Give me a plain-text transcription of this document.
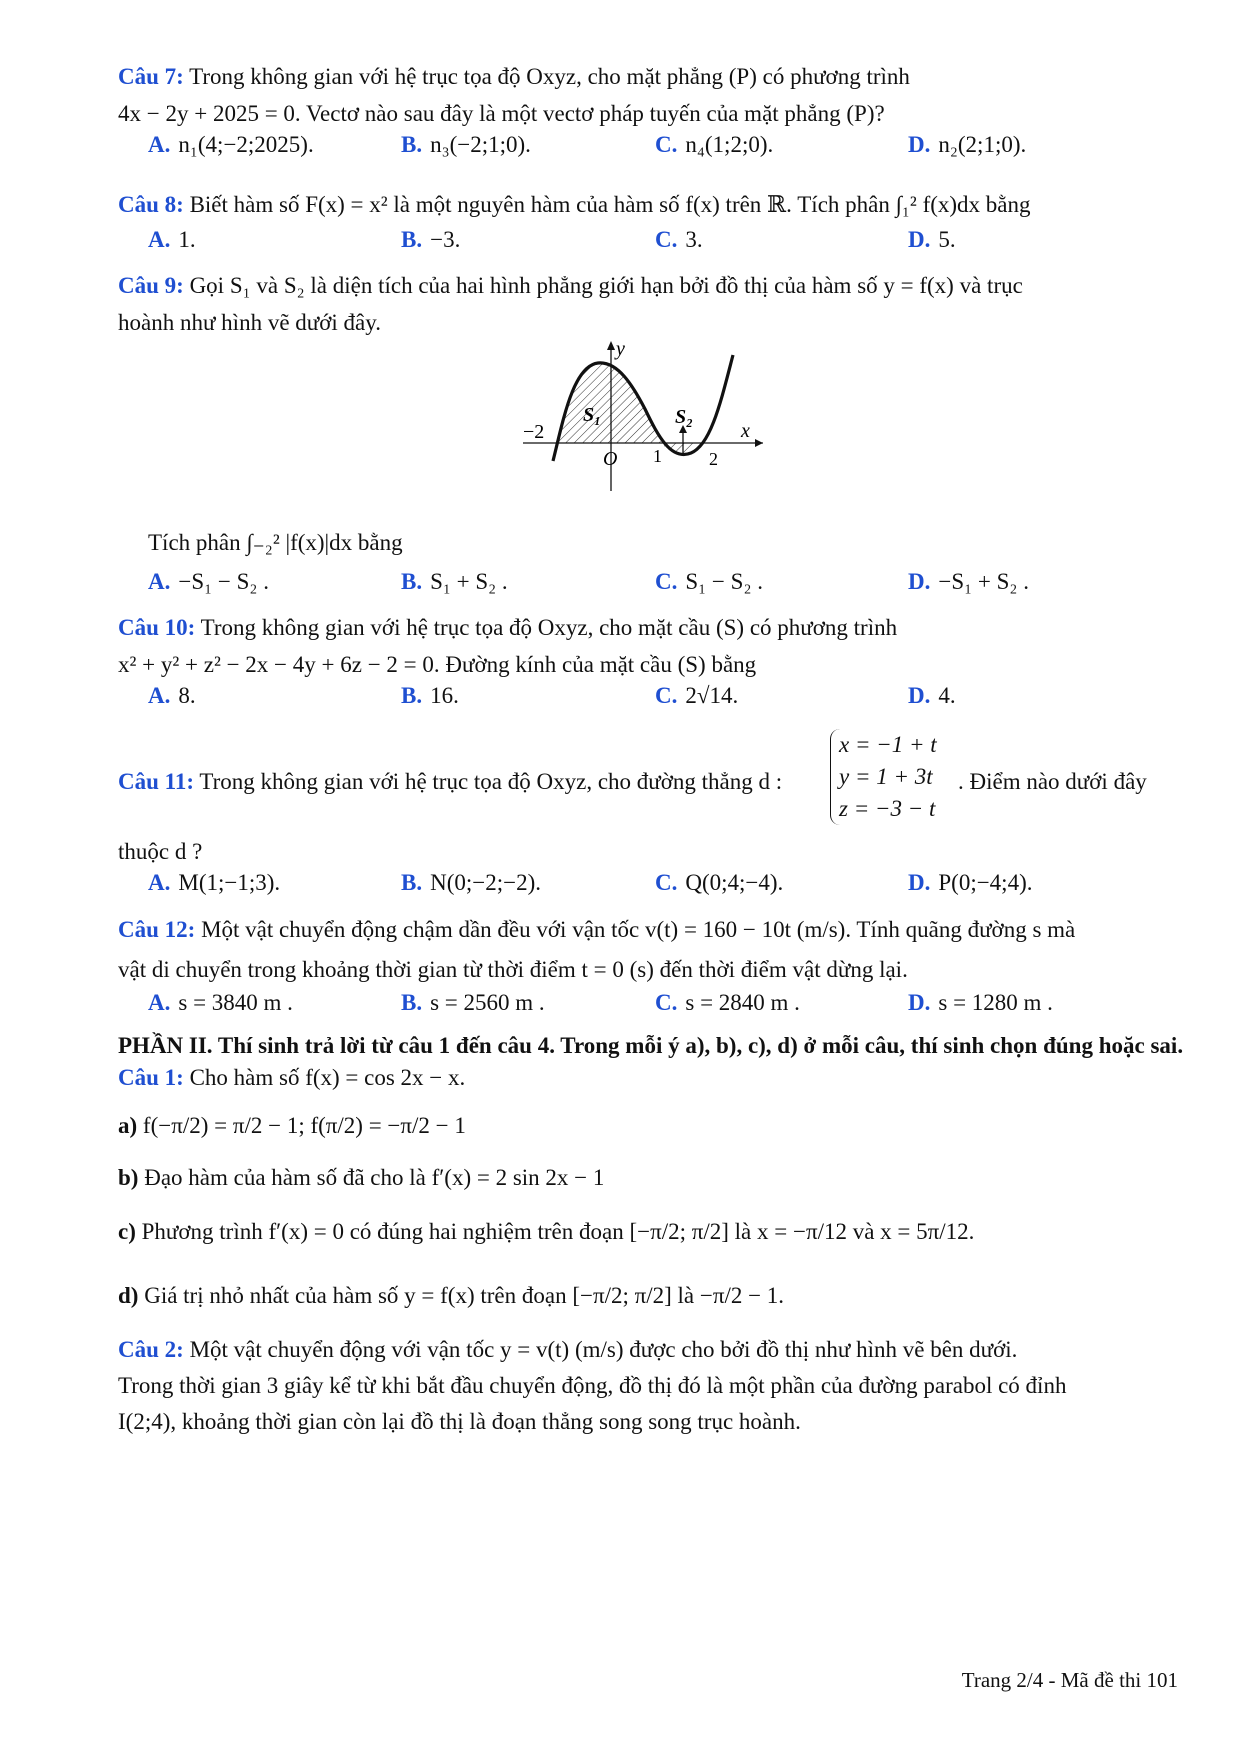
Câu 7: Trong không gian với hệ trục tọa độ Oxyz, cho mặt phẳng (P) có phương trình
4x − 2y + 2025 = 0. Vectơ nào sau đây là một vectơ pháp tuyến của mặt phẳng (P)?
A. n₁(4;−2;2025).	B. n₃(−2;1;0).	C. n₄(1;2;0).	D. n₂(2;1;0).
Câu 8: Biết hàm số F(x) = x² là một nguyên hàm của hàm số f(x) trên ℝ. Tích phân ∫₁² f(x)dx bằng
A. 1.	B. −3.	C. 3.	D. 5.
Câu 9: Gọi S₁ và S₂ là diện tích của hai hình phẳng giới hạn bởi đồ thị của hàm số y = f(x) và trục
hoành như hình vẽ dưới đây.
y
x
−2
O 1	2
S₁	S₂
Tích phân ∫₋₂² |f(x)|dx bằng
A. −S₁ − S₂ .	B. S₁ + S₂ .	C. S₁ − S₂ .	D. −S₁ + S₂ .
Câu 10: Trong không gian với hệ trục tọa độ Oxyz, cho mặt cầu (S) có phương trình
x² + y² + z² − 2x − 4y + 6z − 2 = 0. Đường kính của mặt cầu (S) bằng
A. 8.	B. 16.	C. 2√14.	D. 4.
Câu 11: Trong không gian với hệ trục tọa độ Oxyz, cho đường thẳng d :
x = −1 + t
y = 1 + 3t
z = −3 − t
. Điểm nào dưới đây
thuộc d ?
A. M(1;−1;3).	B. N(0;−2;−2).	C. Q(0;4;−4).	D. P(0;−4;4).
Câu 12: Một vật chuyển động chậm dần đều với vận tốc v(t) = 160 − 10t (m/s). Tính quãng đường s mà
vật di chuyển trong khoảng thời gian từ thời điểm t = 0 (s) đến thời điểm vật dừng lại.
A. s = 3840 m .	B. s = 2560 m .	C. s = 2840 m .	D. s = 1280 m .
PHẦN II. Thí sinh trả lời từ câu 1 đến câu 4. Trong mỗi ý a), b), c), d) ở mỗi câu, thí sinh chọn đúng hoặc sai.
Câu 1: Cho hàm số f(x) = cos 2x − x.
a) f(−π/2) = π/2 − 1; f(π/2) = −π/2 − 1
b) Đạo hàm của hàm số đã cho là f′(x) = 2 sin 2x − 1
c) Phương trình f′(x) = 0 có đúng hai nghiệm trên đoạn [−π/2; π/2] là x = −π/12 và x = 5π/12.
d) Giá trị nhỏ nhất của hàm số y = f(x) trên đoạn [−π/2; π/2] là −π/2 − 1.
Câu 2: Một vật chuyển động với vận tốc y = v(t) (m/s) được cho bởi đồ thị như hình vẽ bên dưới.
Trong thời gian 3 giây kể từ khi bắt đầu chuyển động, đồ thị đó là một phần của đường parabol có đỉnh
I(2;4), khoảng thời gian còn lại đồ thị là đoạn thẳng song song trục hoành.
Trang 2/4 - Mã đề thi 101
